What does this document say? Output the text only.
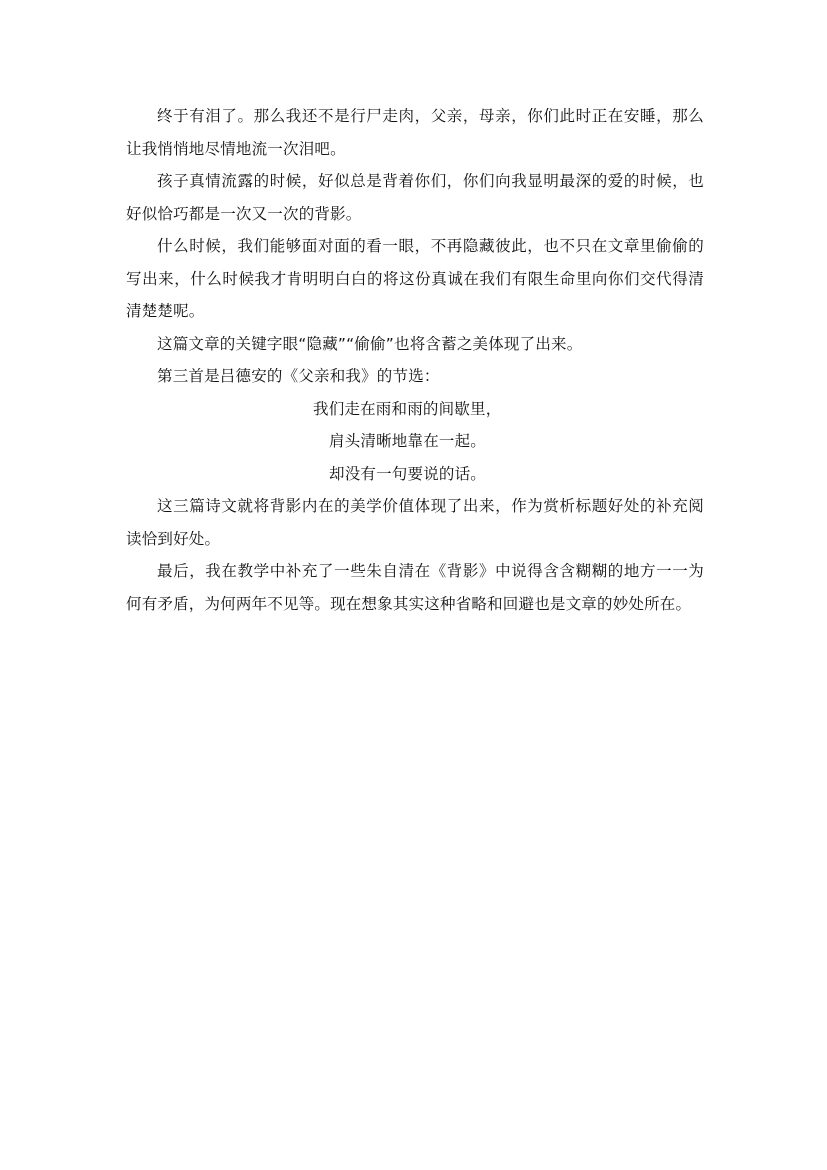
终于有泪了。那么我还不是行尸走肉，父亲，母亲，你们此时正在安睡，那么让我悄悄地尽情地流一次泪吧。

孩子真情流露的时候，好似总是背着你们，你们向我显明最深的爱的时候，也好似恰巧都是一次又一次的背影。

什么时候，我们能够面对面的看一眼，不再隐藏彼此，也不只在文章里偷偷的写出来，什么时候我才肯明明白白的将这份真诚在我们有限生命里向你们交代得清清楚楚呢。

这篇文章的关键字眼“隐藏”“偷偷”也将含蓄之美体现了出来。

第三首是吕德安的《父亲和我》的节选：

我们走在雨和雨的间歇里，
肩头清晰地靠在一起。
却没有一句要说的话。

这三篇诗文就将背影内在的美学价值体现了出来，作为赏析标题好处的补充阅读恰到好处。

最后，我在教学中补充了一些朱自清在《背影》中说得含含糊糊的地方一一为何有矛盾，为何两年不见等。现在想象其实这种省略和回避也是文章的妙处所在。
